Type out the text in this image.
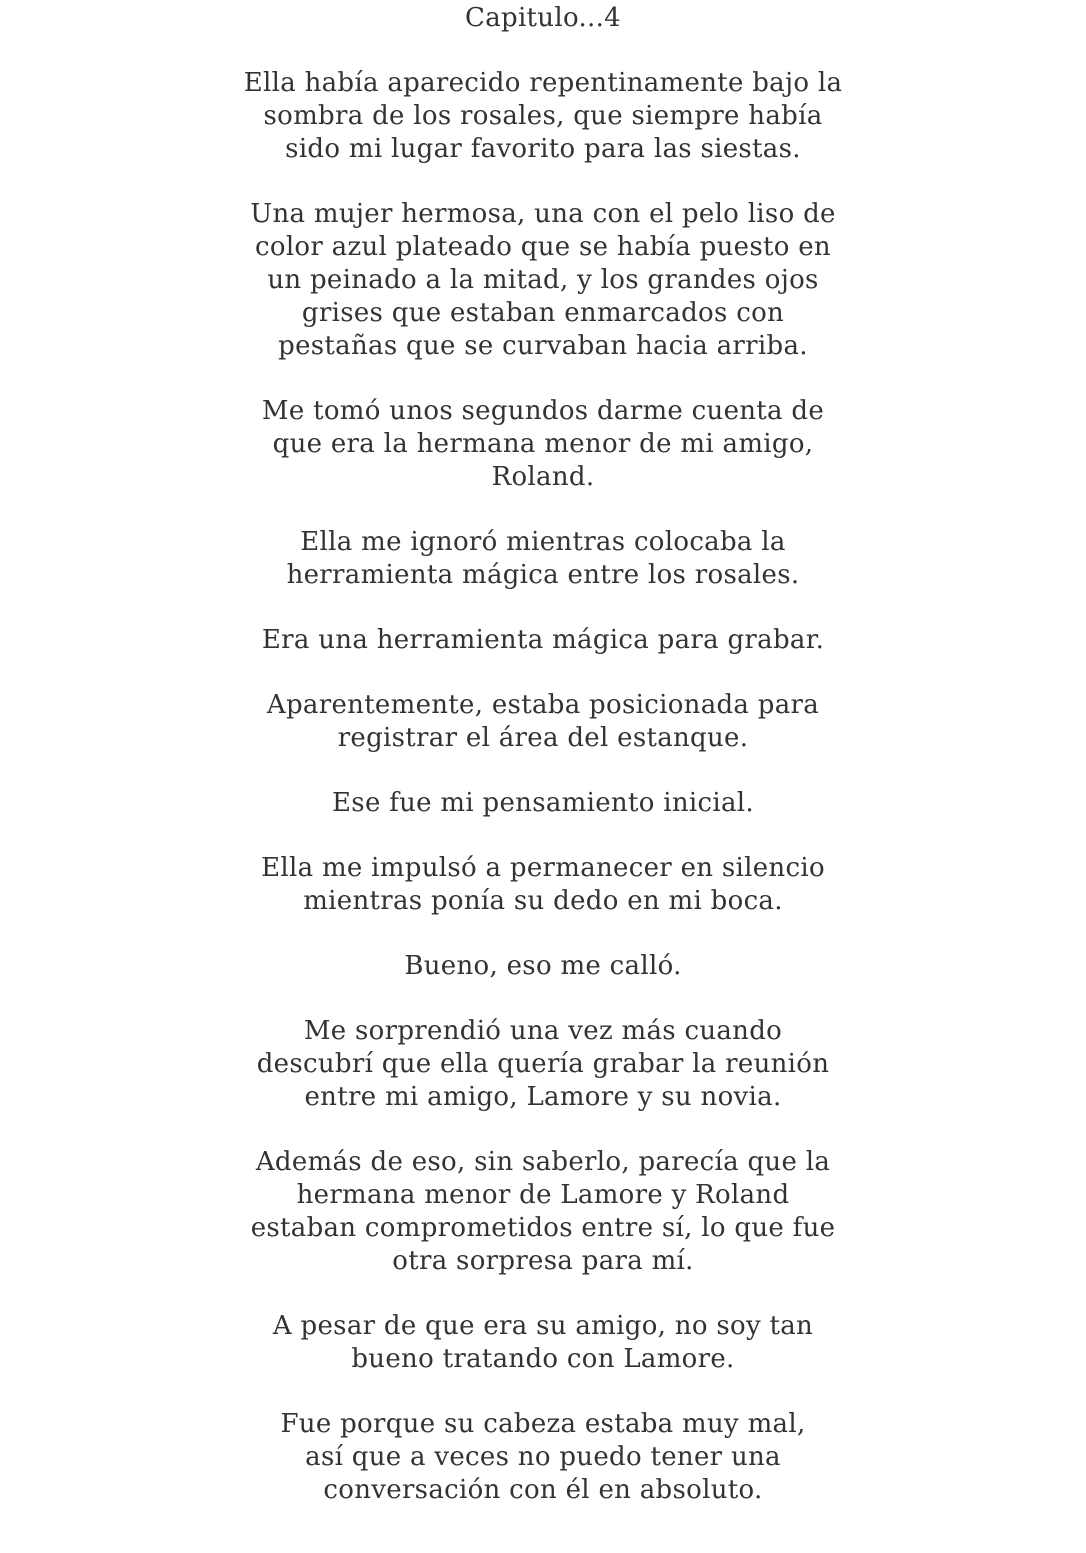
Capitulo...4
Ella había aparecido repentinamente bajo la
sombra de los rosales, que siempre había
sido mi lugar favorito para las siestas.
Una mujer hermosa, una con el pelo liso de
color azul plateado que se había puesto en
un peinado a la mitad, y los grandes ojos
grises que estaban enmarcados con
pestañas que se curvaban hacia arriba.
Me tomó unos segundos darme cuenta de
que era la hermana menor de mi amigo,
Roland.
Ella me ignoró mientras colocaba la
herramienta mágica entre los rosales.
Era una herramienta mágica para grabar.
Aparentemente, estaba posicionada para
registrar el área del estanque.
Ese fue mi pensamiento inicial.
Ella me impulsó a permanecer en silencio
mientras ponía su dedo en mi boca.
Bueno, eso me calló.
Me sorprendió una vez más cuando
descubrí que ella quería grabar la reunión
entre mi amigo, Lamore y su novia.
Además de eso, sin saberlo, parecía que la
hermana menor de Lamore y Roland
estaban comprometidos entre sí, lo que fue
otra sorpresa para mí.
A pesar de que era su amigo, no soy tan
bueno tratando con Lamore.
Fue porque su cabeza estaba muy mal,
así que a veces no puedo tener una
conversación con él en absoluto.
